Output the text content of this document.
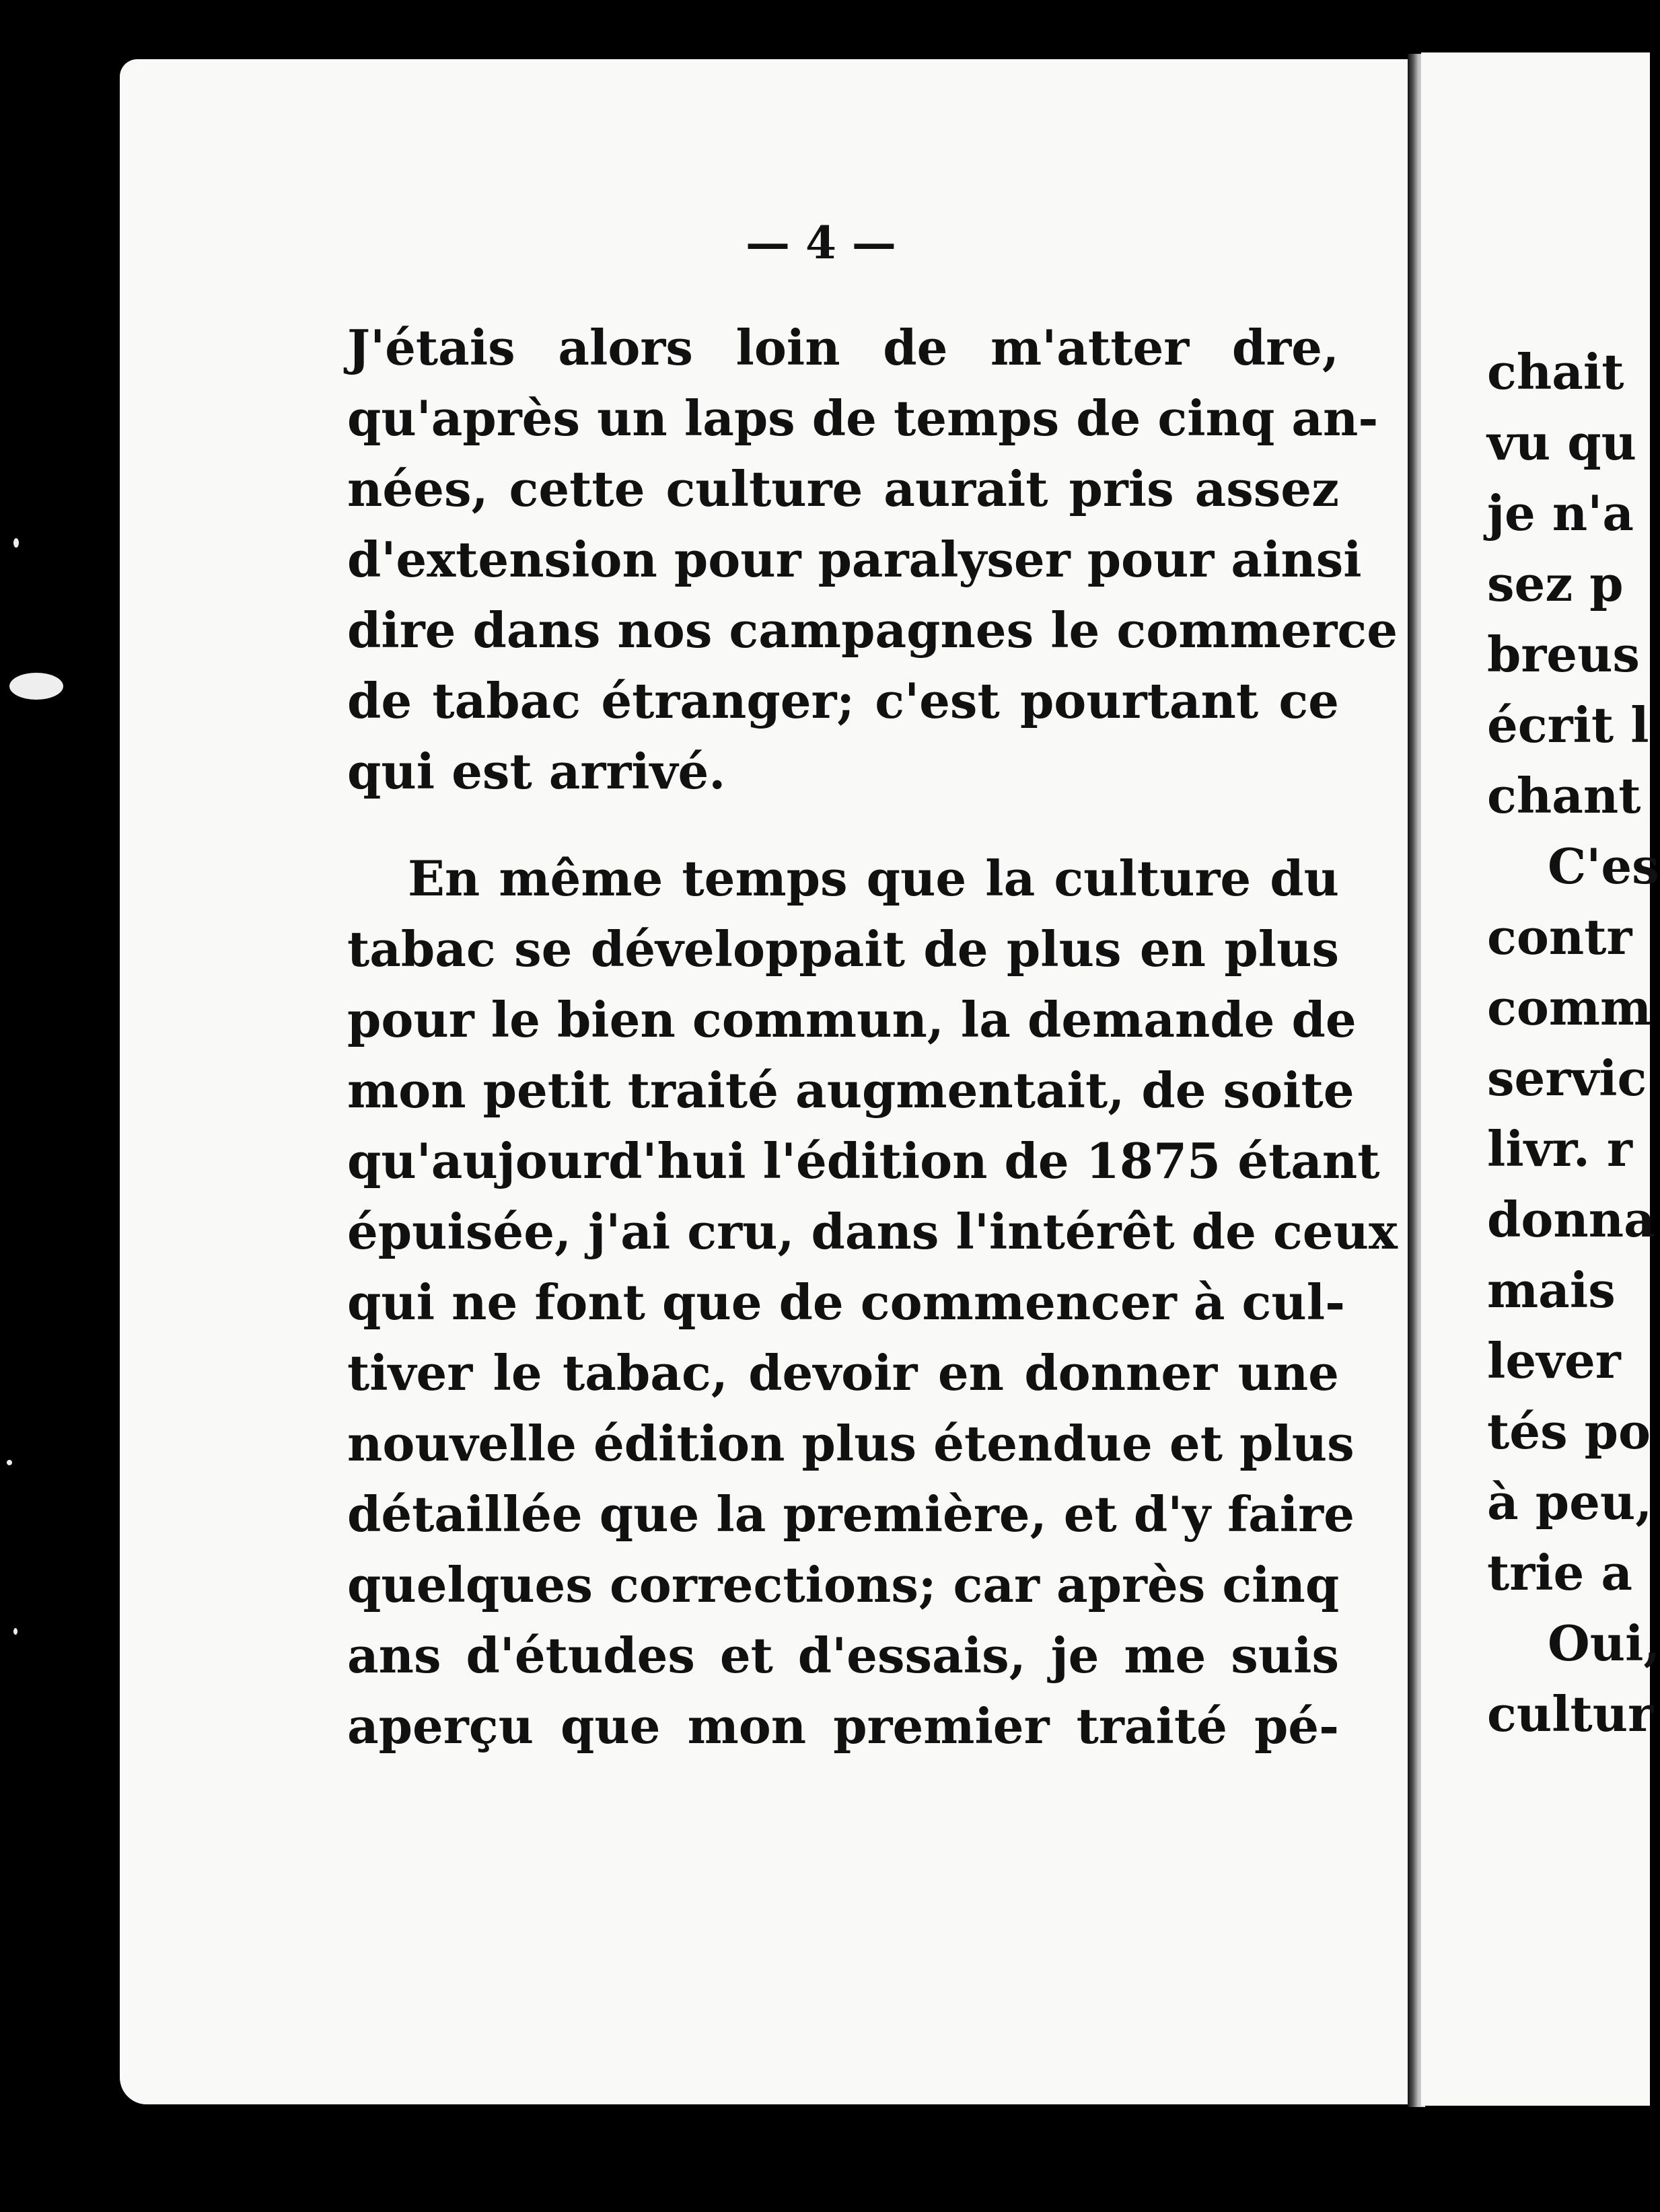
— 4 —
J'étais alors loin de m'atter dre,
qu'après un laps de temps de cinq an-
nées, cette culture aurait pris assez
d'extension pour paralyser pour ainsi
dire dans nos campagnes le commerce
de tabac étranger; c'est pourtant ce
qui est arrivé.
En même temps que la culture du
tabac se développait de plus en plus
pour le bien commun, la demande de
mon petit traité augmentait, de soite
qu'aujourd'hui l'édition de 1875 étant
épuisée, j'ai cru, dans l'intérêt de ceux
qui ne font que de commencer à cul-
tiver le tabac, devoir en donner une
nouvelle édition plus étendue et plus
détaillée que la première, et d'y faire
quelques corrections; car après cinq
ans d'études et d'essais, je me suis
aperçu que mon premier traité pé-
chait
vu qu
je n'a
sez p
breus
écrit l
chant
C'es
contr
comm
servic
livr. r
donna
mais
lever
tés po
à peu,
trie a
Oui,
cultur
